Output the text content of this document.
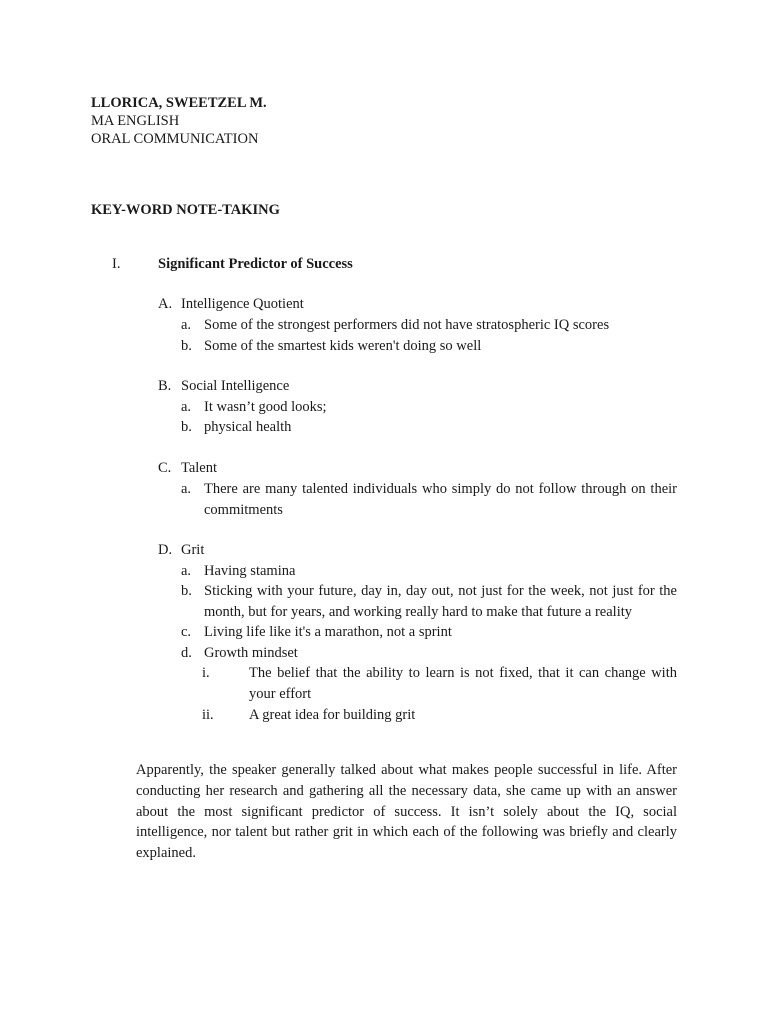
LLORICA, SWEETZEL M.
MA ENGLISH
ORAL COMMUNICATION
KEY-WORD NOTE-TAKING
I.	Significant Predictor of Success
A. Intelligence Quotient
a. Some of the strongest performers did not have stratospheric IQ scores
b. Some of the smartest kids weren't doing so well
B. Social Intelligence
a. It wasn’t good looks;
b. physical health
C. Talent
a. There are many talented individuals who simply do not follow through on their commitments
D. Grit
a. Having stamina
b. Sticking with your future, day in, day out, not just for the week, not just for the month, but for years, and working really hard to make that future a reality
c. Living life like it's a marathon, not a sprint
d. Growth mindset
i.	The belief that the ability to learn is not fixed, that it can change with your effort
ii. A great idea for building grit
Apparently, the speaker generally talked about what makes people successful in life. After conducting her research and gathering all the necessary data, she came up with an answer about the most significant predictor of success. It isn’t solely about the IQ, social intelligence, nor talent but rather grit in which each of the following was briefly and clearly explained.
